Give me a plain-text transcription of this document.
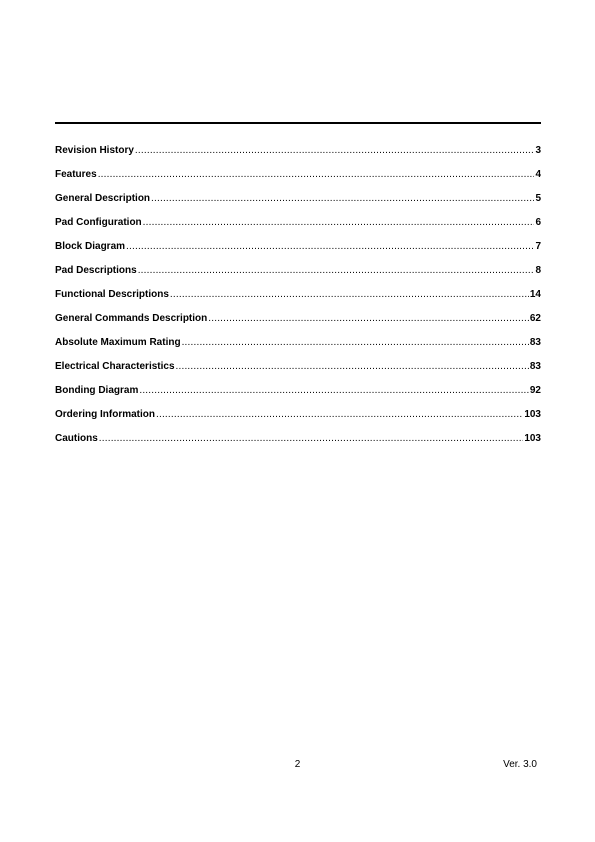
Revision History .....	3
Features .....	4
General Description .....	5
Pad Configuration .....	6
Block Diagram .....	7
Pad Descriptions .....	8
Functional Descriptions .....	14
General Commands Description .....	62
Absolute Maximum Rating .....	83
Electrical Characteristics .....	83
Bonding Diagram .....	92
Ordering Information .....	103
Cautions .....	103
2	Ver. 3.0
